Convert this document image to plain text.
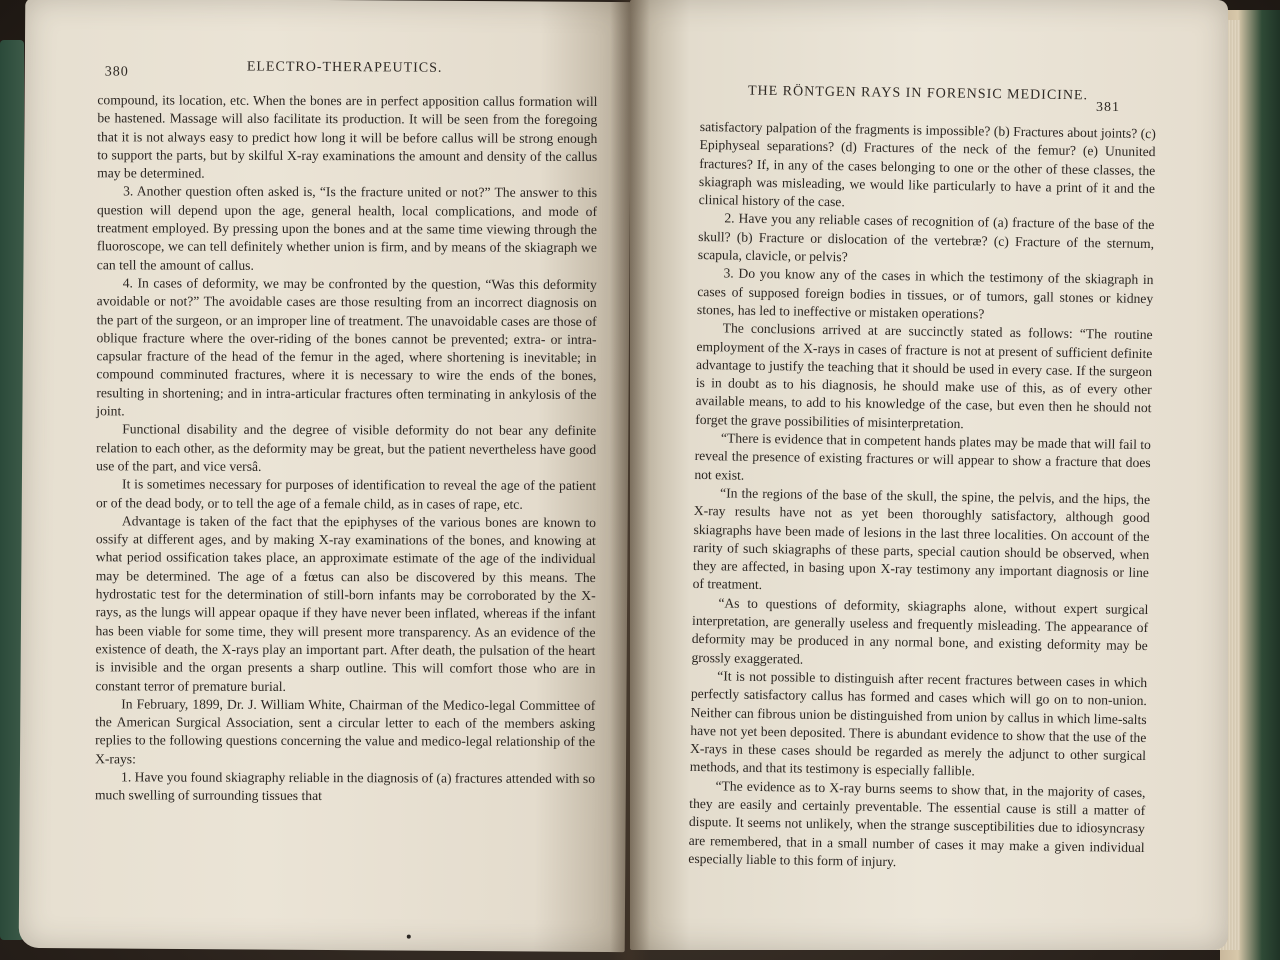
380	ELECTRO-THERAPEUTICS.

compound, its location, etc. When the bones are in perfect apposition callus formation will be hastened. Massage will also facilitate its production. It will be seen from the foregoing that it is not always easy to predict how long it will be before callus will be strong enough to support the parts, but by skilful X-ray examinations the amount and density of the callus may be determined.

3. Another question often asked is, “Is the fracture united or not?” The answer to this question will depend upon the age, general health, local complications, and mode of treatment employed. By pressing upon the bones and at the same time viewing through the fluoroscope, we can tell definitely whether union is firm, and by means of the skiagraph we can tell the amount of callus.

4. In cases of deformity, we may be confronted by the question, “Was this deformity avoidable or not?” The avoidable cases are those resulting from an incorrect diagnosis on the part of the surgeon, or an improper line of treatment. The unavoidable cases are those of oblique fracture where the over-riding of the bones cannot be prevented; extra- or intra-capsular fracture of the head of the femur in the aged, where shortening is inevitable; in compound comminuted fractures, where it is necessary to wire the ends of the bones, resulting in shortening; and in intra-articular fractures often terminating in ankylosis of the joint.

Functional disability and the degree of visible deformity do not bear any definite relation to each other, as the deformity may be great, but the patient nevertheless have good use of the part, and vice versâ.

It is sometimes necessary for purposes of identification to reveal the age of the patient or of the dead body, or to tell the age of a female child, as in cases of rape, etc.

Advantage is taken of the fact that the epiphyses of the various bones are known to ossify at different ages, and by making X-ray examinations of the bones, and knowing at what period ossification takes place, an approximate estimate of the age of the individual may be determined. The age of a fœtus can also be discovered by this means. The hydrostatic test for the determination of still-born infants may be corroborated by the X-rays, as the lungs will appear opaque if they have never been inflated, whereas if the infant has been viable for some time, they will present more transparency. As an evidence of the existence of death, the X-rays play an important part. After death, the pulsation of the heart is invisible and the organ presents a sharp outline. This will comfort those who are in constant terror of premature burial.

In February, 1899, Dr. J. William White, Chairman of the Medico-legal Committee of the American Surgical Association, sent a circular letter to each of the members asking replies to the following questions concerning the value and medico-legal relationship of the X-rays:

1. Have you found skiagraphy reliable in the diagnosis of (a) fractures attended with so much swelling of surrounding tissues that

THE RÖNTGEN RAYS IN FORENSIC MEDICINE.
381

satisfactory palpation of the fragments is impossible? (b) Fractures about joints? (c) Epiphyseal separations? (d) Fractures of the neck of the femur? (e) Ununited fractures? If, in any of the cases belonging to one or the other of these classes, the skiagraph was misleading, we would like particularly to have a print of it and the clinical history of the case.

2. Have you any reliable cases of recognition of (a) fracture of the base of the skull? (b) Fracture or dislocation of the vertebræ? (c) Fracture of the sternum, scapula, clavicle, or pelvis?

3. Do you know any of the cases in which the testimony of the skiagraph in cases of supposed foreign bodies in tissues, or of tumors, gall stones or kidney stones, has led to ineffective or mistaken operations?

The conclusions arrived at are succinctly stated as follows: “The routine employment of the X-rays in cases of fracture is not at present of sufficient definite advantage to justify the teaching that it should be used in every case. If the surgeon is in doubt as to his diagnosis, he should make use of this, as of every other available means, to add to his knowledge of the case, but even then he should not forget the grave possibilities of misinterpretation.

“There is evidence that in competent hands plates may be made that will fail to reveal the presence of existing fractures or will appear to show a fracture that does not exist.

“In the regions of the base of the skull, the spine, the pelvis, and the hips, the X-ray results have not as yet been thoroughly satisfactory, although good skiagraphs have been made of lesions in the last three localities. On account of the rarity of such skiagraphs of these parts, special caution should be observed, when they are affected, in basing upon X-ray testimony any important diagnosis or line of treatment.

“As to questions of deformity, skiagraphs alone, without expert surgical interpretation, are generally useless and frequently misleading. The appearance of deformity may be produced in any normal bone, and existing deformity may be grossly exaggerated.

“It is not possible to distinguish after recent fractures between cases in which perfectly satisfactory callus has formed and cases which will go on to non-union. Neither can fibrous union be distinguished from union by callus in which lime-salts have not yet been deposited. There is abundant evidence to show that the use of the X-rays in these cases should be regarded as merely the adjunct to other surgical methods, and that its testimony is especially fallible.

“The evidence as to X-ray burns seems to show that, in the majority of cases, they are easily and certainly preventable. The essential cause is still a matter of dispute. It seems not unlikely, when the strange susceptibilities due to idiosyncrasy are remembered, that in a small number of cases it may make a given individual especially liable to this form of injury.
